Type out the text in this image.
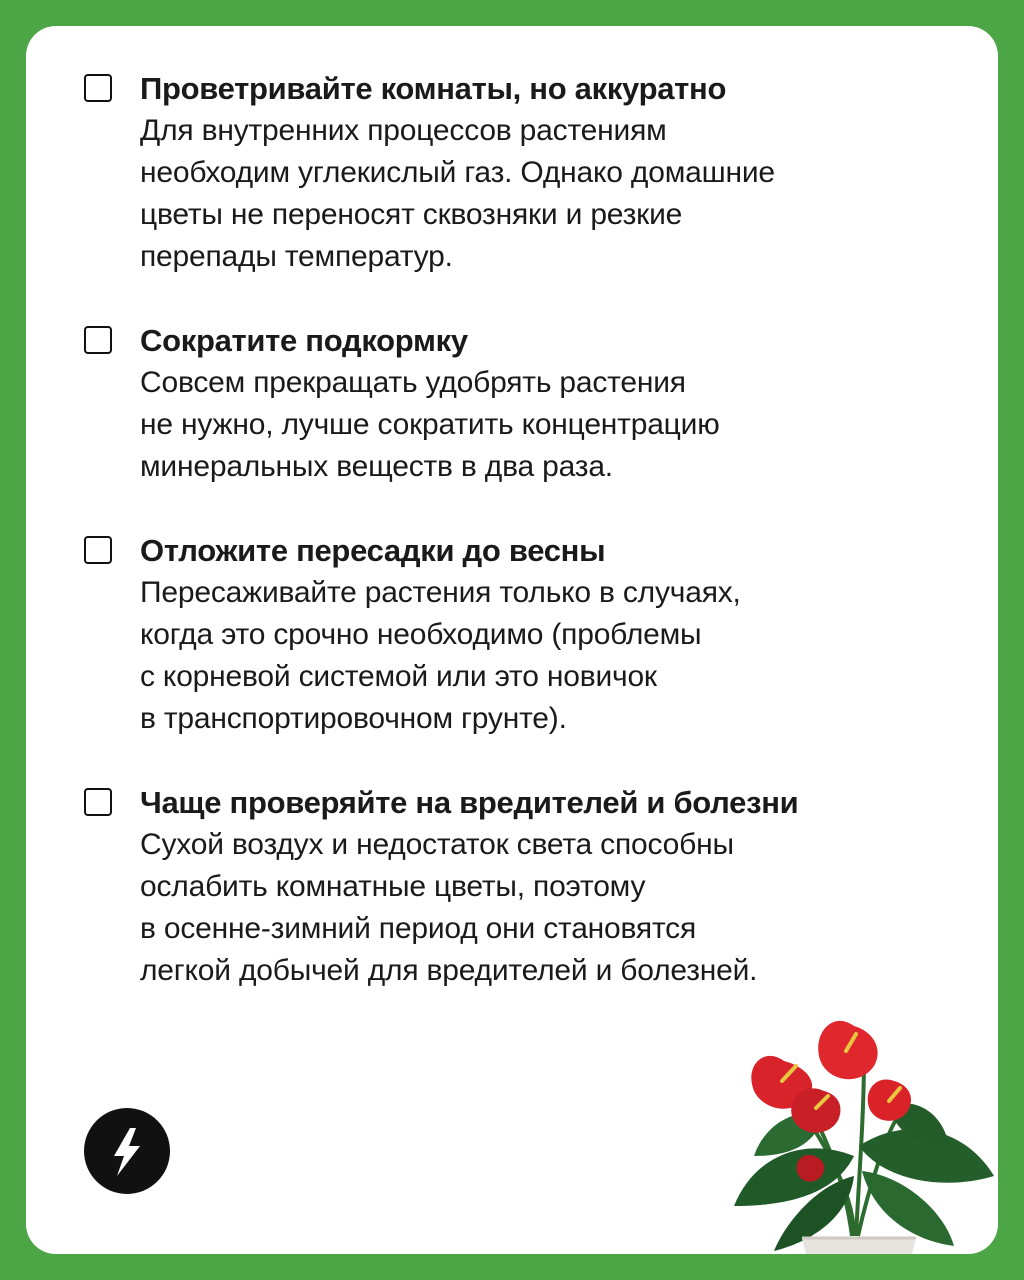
Проветривайте комнаты, но аккуратно
Для внутренних процессов растениям
необходим углекислый газ. Однако домашние
цветы не переносят сквозняки и резкие
перепады температур.
Сократите подкормку
Совсем прекращать удобрять растения
не нужно, лучше сократить концентрацию
минеральных веществ в два раза.
Отложите пересадки до весны
Пересаживайте растения только в случаях,
когда это срочно необходимо (проблемы
с корневой системой или это новичок
в транспортировочном грунте).
Чаще проверяйте на вредителей и болезни
Сухой воздух и недостаток света способны
ослабить комнатные цветы, поэтому
в осенне-зимний период они становятся
легкой добычей для вредителей и болезней.
